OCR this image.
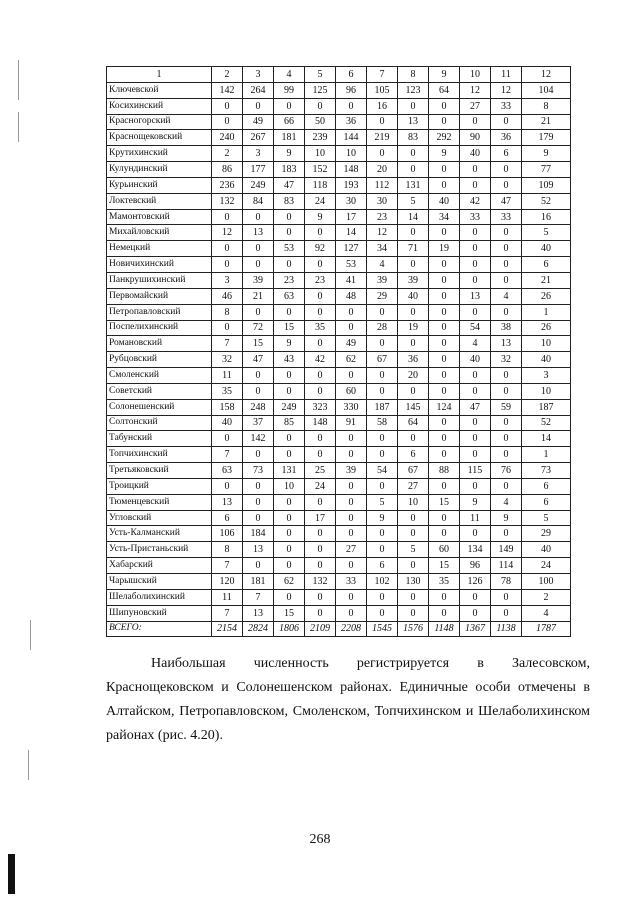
1	2	3	4	5	6	7	8	9	10	11	12
Ключевской	142	264	99	125	96	105	123	64	12	12	104
Косихинский	0	0	0	0	0	16	0	0	27	33	8
Красногорский	0	49	66	50	36	0	13	0	0	0	21
Краснощековский	240	267	181	239	144	219	83	292	90	36	179
Крутихинский	2	3	9	10	10	0	0	9	40	6	9
Кулундинский	86	177	183	152	148	20	0	0	0	0	77
Курьинский	236	249	47	118	193	112	131	0	0	0	109
Локтевский	132	84	83	24	30	30	5	40	42	47	52
Мамонтовский	0	0	0	9	17	23	14	34	33	33	16
Михайловский	12	13	0	0	14	12	0	0	0	0	5
Немецкий	0	0	53	92	127	34	71	19	0	0	40
Новичихинский	0	0	0	0	53	4	0	0	0	0	6
Панкрушихинский	3	39	23	23	41	39	39	0	0	0	21
Первомайский	46	21	63	0	48	29	40	0	13	4	26
Петропавловский	8	0	0	0	0	0	0	0	0	0	1
Поспелихинский	0	72	15	35	0	28	19	0	54	38	26
Романовский	7	15	9	0	49	0	0	0	4	13	10
Рубцовский	32	47	43	42	62	67	36	0	40	32	40
Смоленский	11	0	0	0	0	0	20	0	0	0	3
Советский	35	0	0	0	60	0	0	0	0	0	10
Солонешенский	158	248	249	323	330	187	145	124	47	59	187
Солтонский	40	37	85	148	91	58	64	0	0	0	52
Табунский	0	142	0	0	0	0	0	0	0	0	14
Топчихинский	7	0	0	0	0	0	6	0	0	0	1
Третьяковский	63	73	131	25	39	54	67	88	115	76	73
Троицкий	0	0	10	24	0	0	27	0	0	0	6
Тюменцевский	13	0	0	0	0	5	10	15	9	4	6
Угловский	6	0	0	17	0	9	0	0	11	9	5
Усть-Калманский	106	184	0	0	0	0	0	0	0	0	29
Усть-Пристаньский	8	13	0	0	27	0	5	60	134	149	40
Хабарский	7	0	0	0	0	6	0	15	96	114	24
Чарышский	120	181	62	132	33	102	130	35	126	78	100
Шелаболихинский	11	7	0	0	0	0	0	0	0	0	2
Шипуновский	7	13	15	0	0	0	0	0	0	0	4
ВСЕГО:	2154	2824	1806	2109	2208	1545	1576	1148	1367	1138	1787

Наибольшая численность регистрируется в Залесовском, Краснощековском и Солонешенском районах. Единичные особи отмечены в Алтайском, Петропавловском, Смоленском, Топчихинском и Шелаболихинском районах (рис. 4.20).

268
